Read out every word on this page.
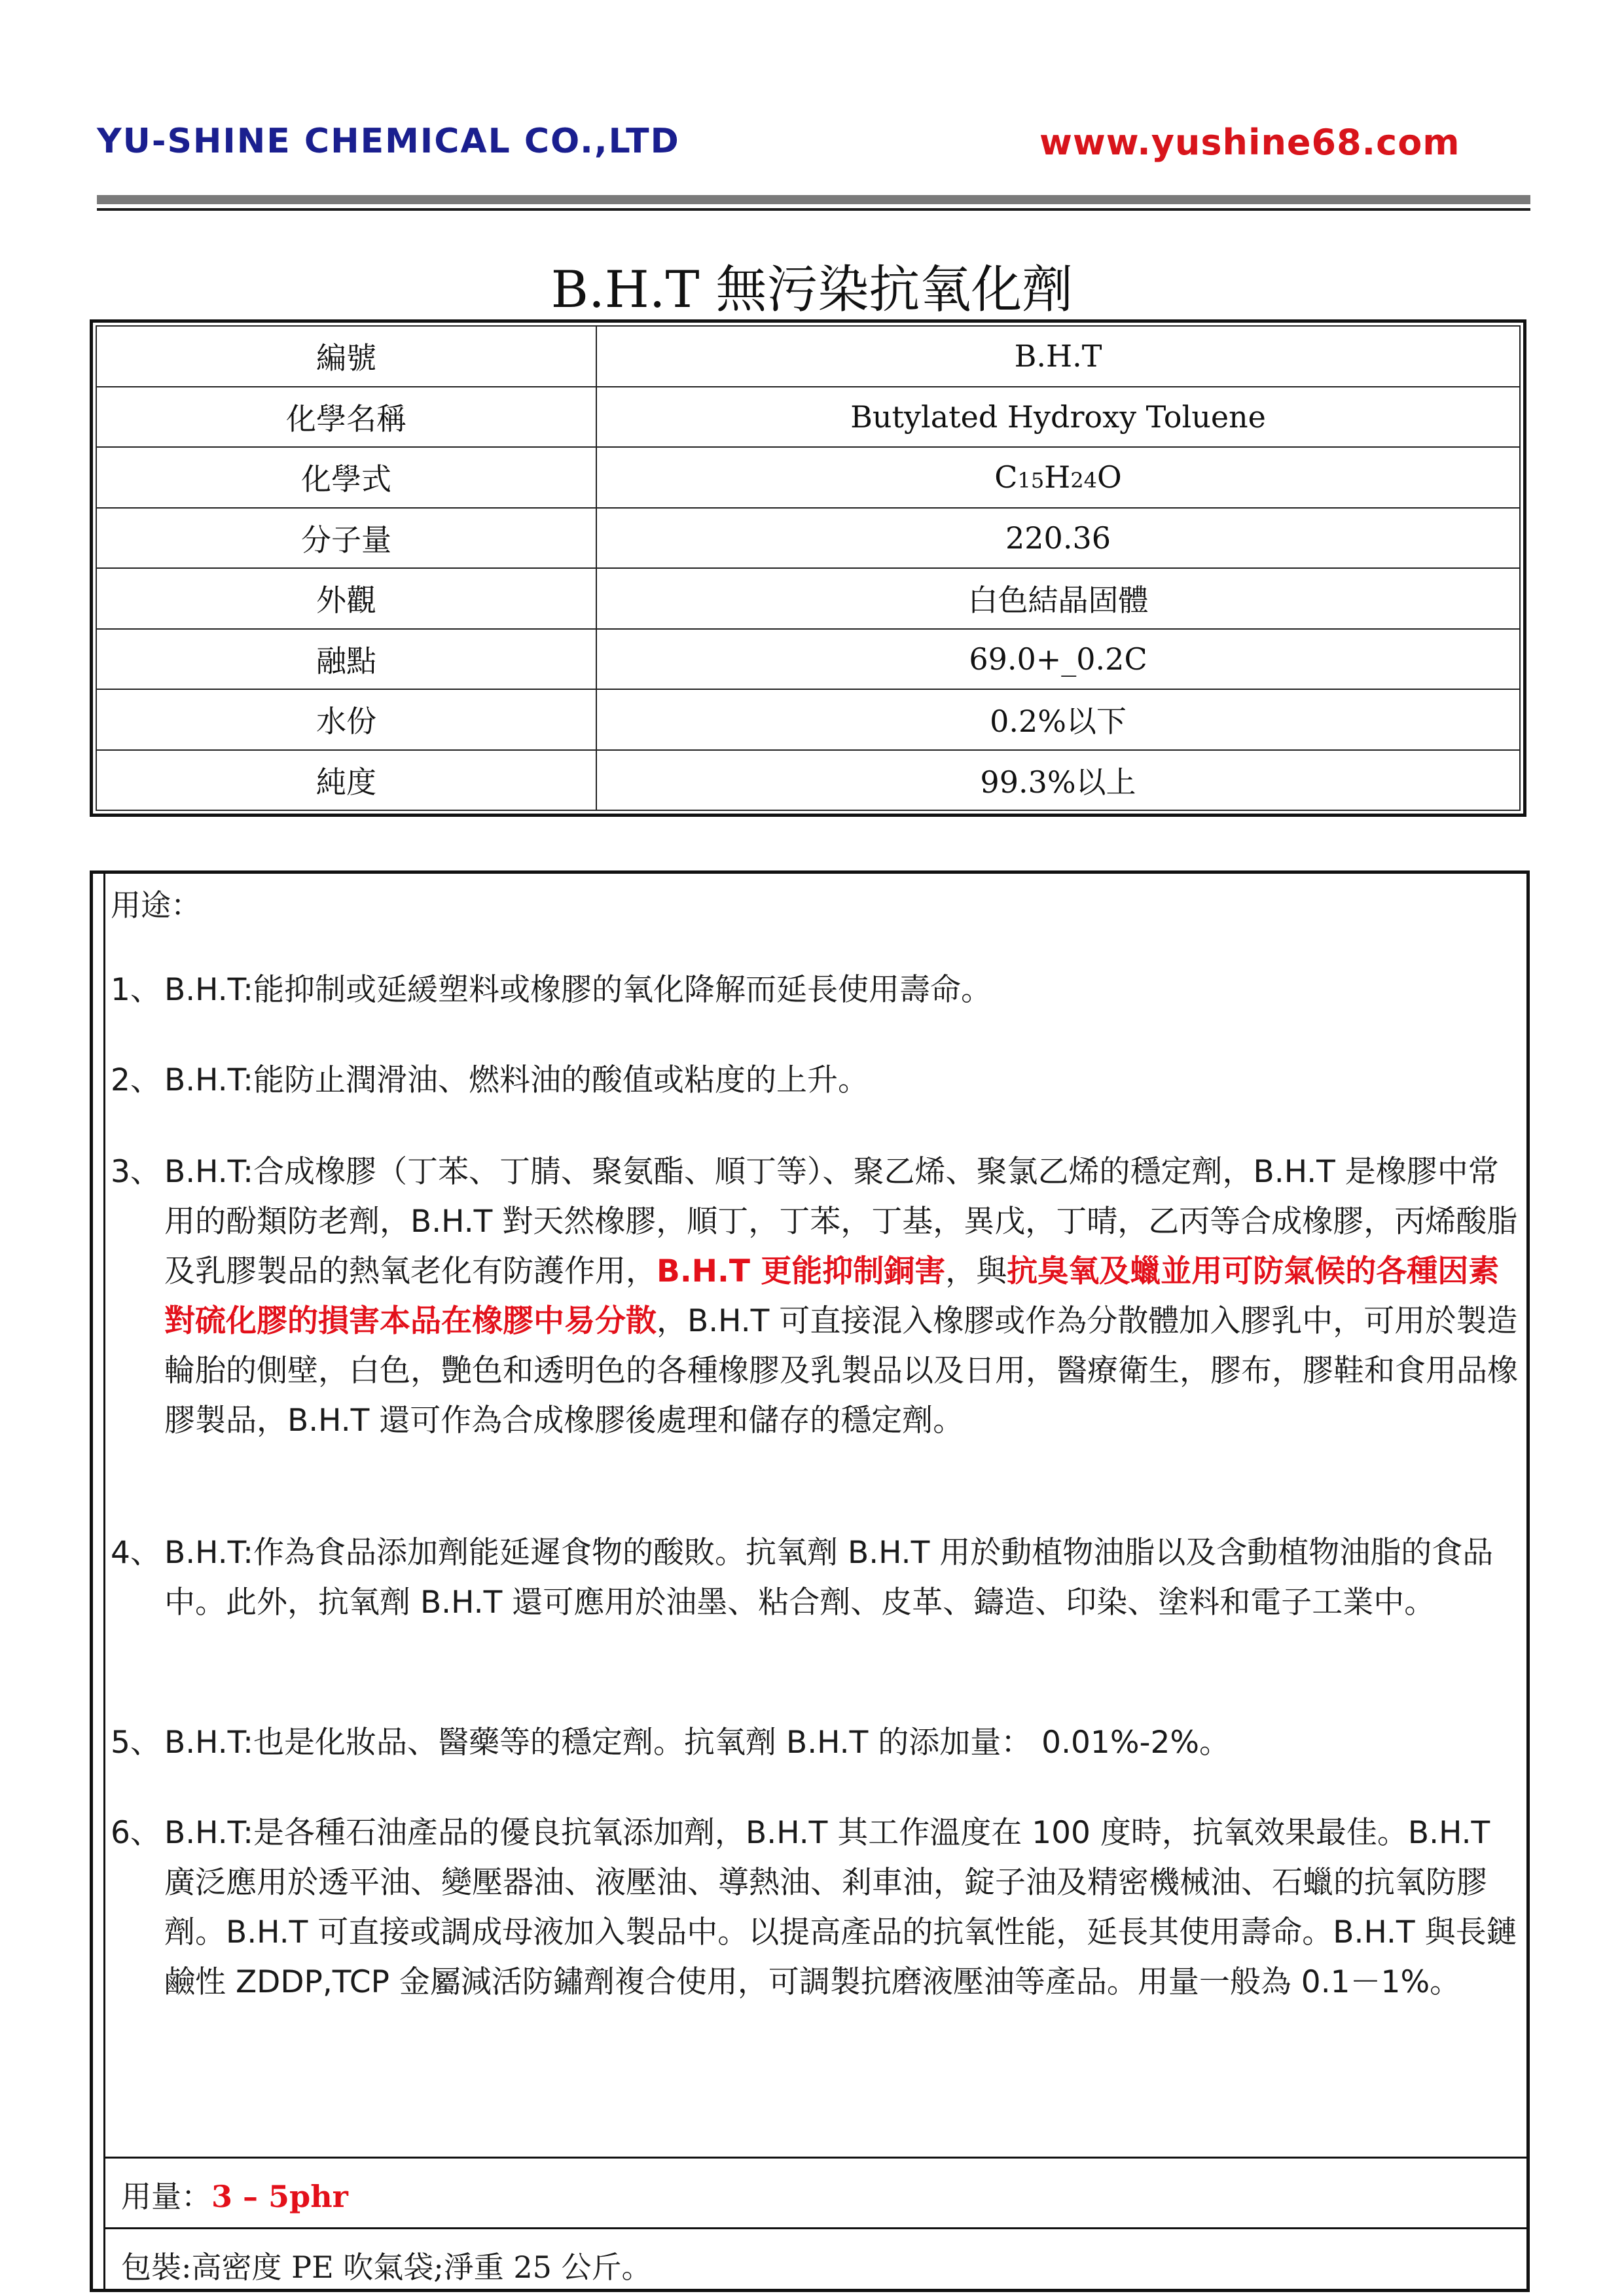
YU-SHINE CHEMICAL CO.,LTD	www.yushine68.com
B.H.T 無污染抗氧化劑
編號	B.H.T
化學名稱	Butylated Hydroxy Toluene
化學式	C15H24O
分子量	220.36
外觀	白色結晶固體
融點	69.0+_0.2C
水份	0.2%以下
純度	99.3%以上
用途：
1、 B.H.T:能抑制或延緩塑料或橡膠的氧化降解而延長使用壽命。
2、 B.H.T:能防止潤滑油、燃料油的酸值或粘度的上升。
3、 B.H.T:合成橡膠（丁苯、丁腈、聚氨酯、順丁等）、聚乙烯、聚氯乙烯的穩定劑，B.H.T 是橡膠中常用的酚類防老劑，B.H.T 對天然橡膠，順丁，丁苯，丁基，異戊，丁晴，乙丙等合成橡膠，丙烯酸脂及乳膠製品的熱氧老化有防護作用，B.H.T 更能抑制銅害，與抗臭氧及蠟並用可防氣候的各種因素對硫化膠的損害本品在橡膠中易分散，B.H.T 可直接混入橡膠或作為分散體加入膠乳中，可用於製造輪胎的側壁，白色，艷色和透明色的各種橡膠及乳製品以及日用，醫療衛生，膠布，膠鞋和食用品橡膠製品，B.H.T 還可作為合成橡膠後處理和儲存的穩定劑。
4、 B.H.T:作為食品添加劑能延遲食物的酸敗。抗氧劑 B.H.T 用於動植物油脂以及含動植物油脂的食品中。此外，抗氧劑 B.H.T 還可應用於油墨、粘合劑、皮革、鑄造、印染、塗料和電子工業中。
5、 B.H.T:也是化妝品、醫藥等的穩定劑。抗氧劑 B.H.T 的添加量： 0.01%-2%。
6、 B.H.T:是各種石油產品的優良抗氧添加劑，B.H.T 其工作溫度在 100 度時，抗氧效果最佳。B.H.T 廣泛應用於透平油、變壓器油、液壓油、導熱油、剎車油，錠子油及精密機械油、石蠟的抗氧防膠劑。B.H.T 可直接或調成母液加入製品中。以提高產品的抗氧性能，延長其使用壽命。B.H.T 與長鏈鹼性 ZDDP,TCP 金屬減活防鏽劑複合使用，可調製抗磨液壓油等產品。用量一般為 0.1－1%。
用量：3 – 5phr
包裝:高密度 PE 吹氣袋;淨重 25 公斤。
